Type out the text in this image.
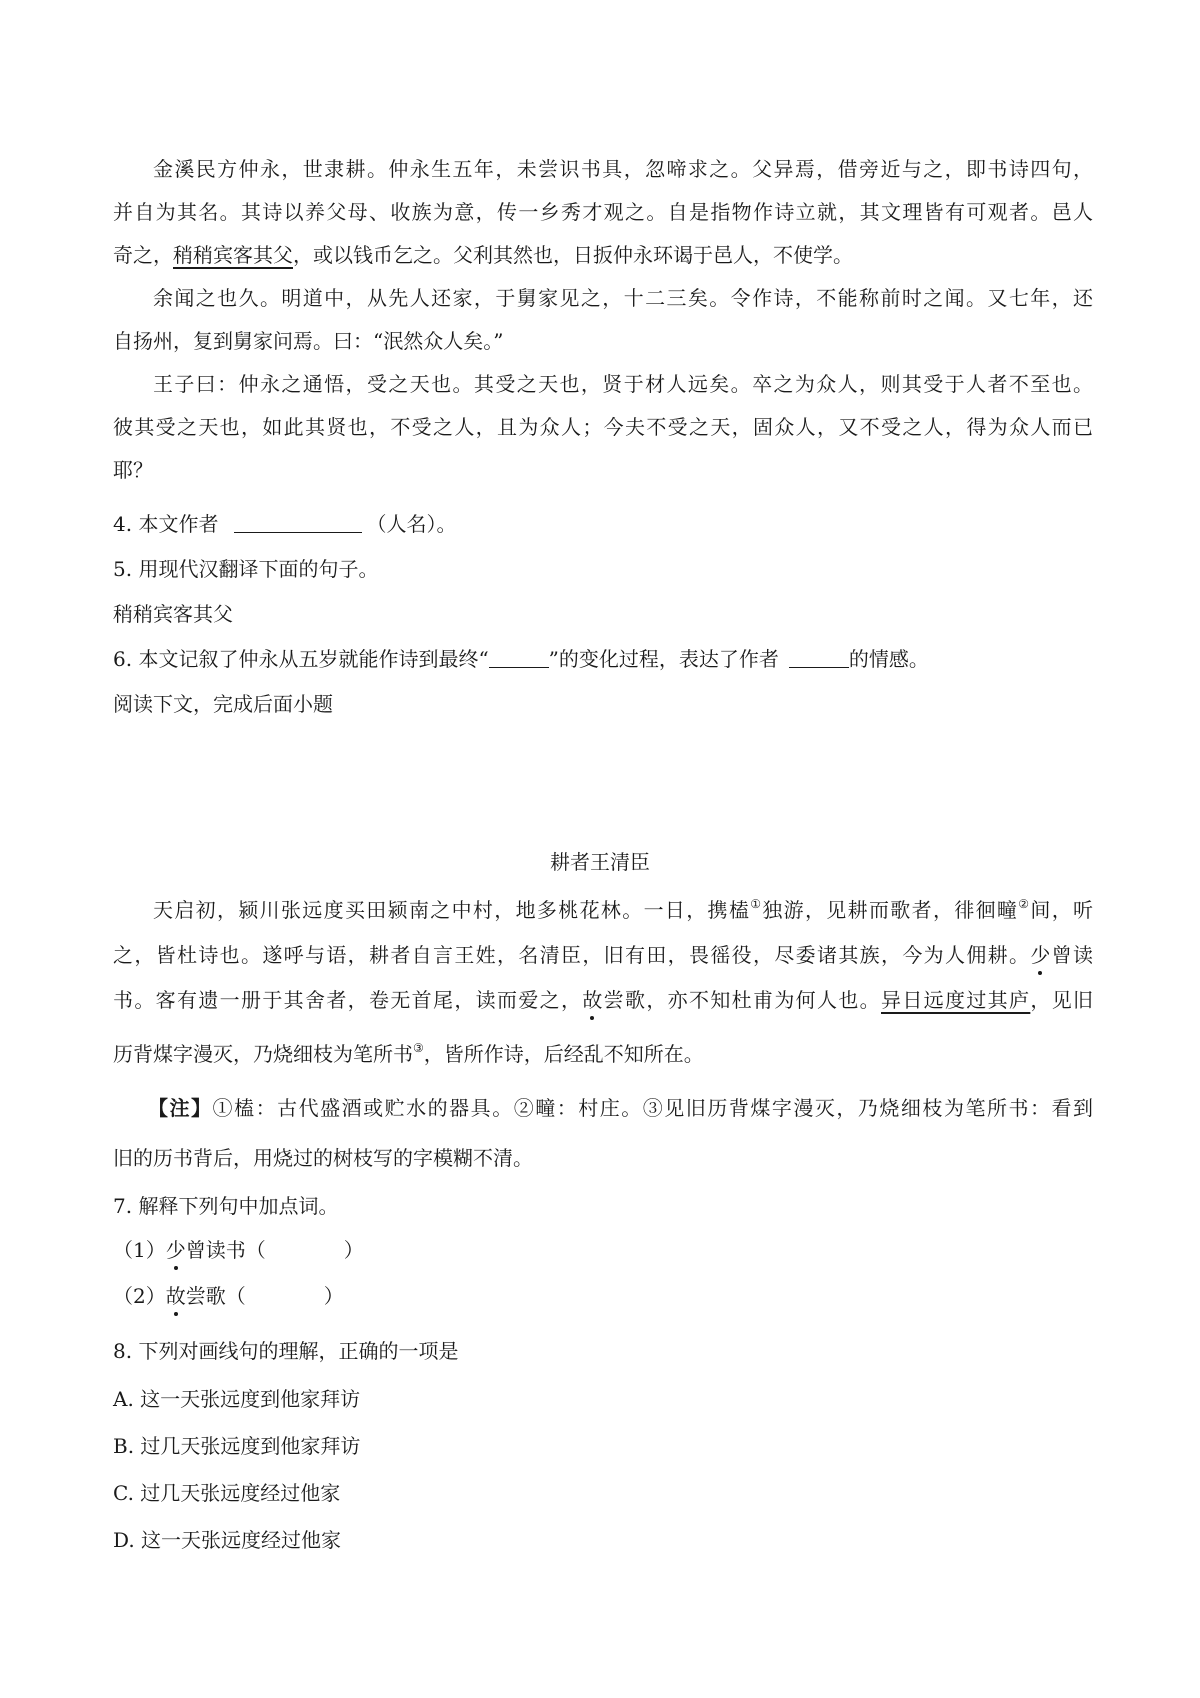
金溪民方仲永，世隶耕。仲永生五年，未尝识书具，忽啼求之。父异焉，借旁近与之，即书诗四句，
并自为其名。其诗以养父母、收族为意，传一乡秀才观之。自是指物作诗立就，其文理皆有可观者。邑人
奇之，稍稍宾客其父，或以钱币乞之。父利其然也，日扳仲永环谒于邑人，不使学。
余闻之也久。明道中，从先人还家，于舅家见之，十二三矣。令作诗，不能称前时之闻。又七年，还
自扬州，复到舅家问焉。曰：“泯然众人矣。”
王子曰：仲永之通悟，受之天也。其受之天也，贤于材人远矣。卒之为众人，则其受于人者不至也。
彼其受之天也，如此其贤也，不受之人，且为众人；今夫不受之天，固众人，又不受之人，得为众人而已
耶？
4. 本文作者	（人名）。
5. 用现代汉翻译下面的句子。
稍稍宾客其父
6. 本文记叙了仲永从五岁就能作诗到最终“	”的变化过程，表达了作者	的情感。
阅读下文，完成后面小题
耕者王清臣
天启初，颍川张远度买田颍南之中村，地多桃花林。一日，携榼①独游，见耕而歌者，徘徊疃②间，听
之，皆杜诗也。遂呼与语，耕者自言王姓，名清臣，旧有田，畏徭役，尽委诸其族，今为人佣耕。少曾读
书。客有遗一册于其舍者，卷无首尾，读而爱之，故尝歌，亦不知杜甫为何人也。异日远度过其庐，见旧
历背煤字漫灭，乃烧细枝为笔所书③，皆所作诗，后经乱不知所在。
【注】①榼：古代盛酒或贮水的器具。②疃：村庄。③见旧历背煤字漫灭，乃烧细枝为笔所书：看到
旧的历书背后，用烧过的树枝写的字模糊不清。
7. 解释下列句中加点词。
（1）少曾读书（	）
（2）故尝歌（	）
8. 下列对画线句的理解，正确的一项是
A. 这一天张远度到他家拜访
B. 过几天张远度到他家拜访
C. 过几天张远度经过他家
D. 这一天张远度经过他家
